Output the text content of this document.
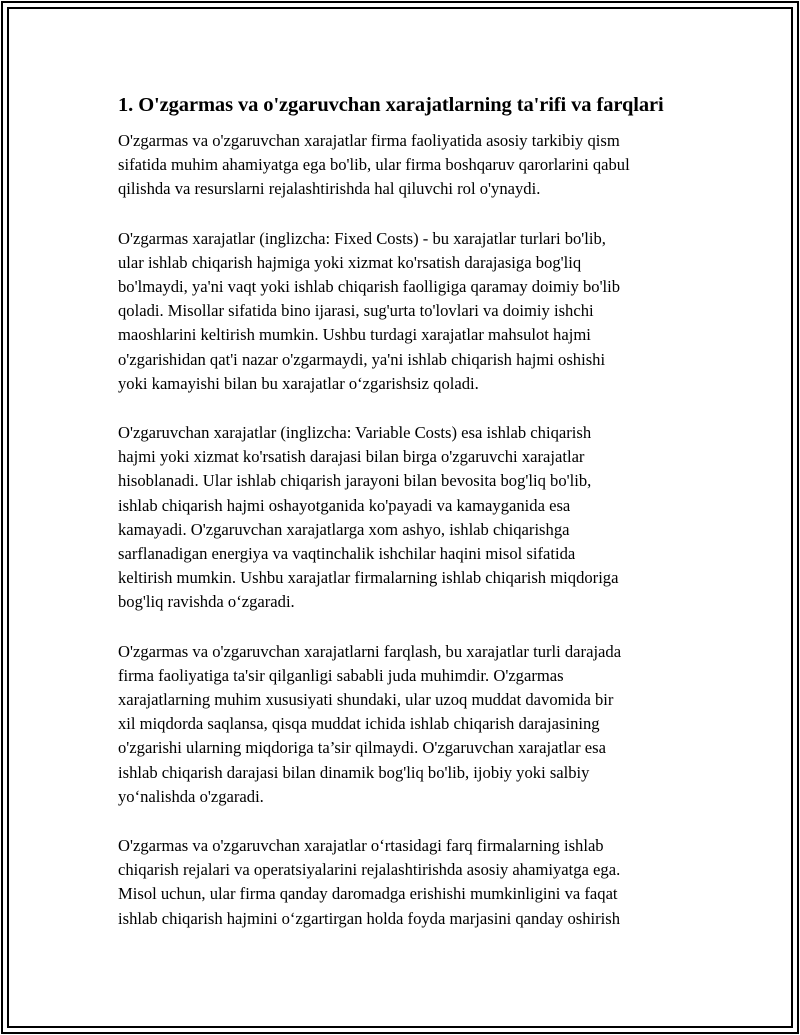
1. O'zgarmas va o'zgaruvchan xarajatlarning ta'rifi va farqlari

O'zgarmas va o'zgaruvchan xarajatlar firma faoliyatida asosiy tarkibiy qism
sifatida muhim ahamiyatga ega bo'lib, ular firma boshqaruv qarorlarini qabul
qilishda va resurslarni rejalashtirishda hal qiluvchi rol o'ynaydi.

O'zgarmas xarajatlar (inglizcha: Fixed Costs) - bu xarajatlar turlari bo'lib,
ular ishlab chiqarish hajmiga yoki xizmat ko'rsatish darajasiga bog'liq
bo'lmaydi, ya'ni vaqt yoki ishlab chiqarish faolligiga qaramay doimiy bo'lib
qoladi. Misollar sifatida bino ijarasi, sug'urta to'lovlari va doimiy ishchi
maoshlarini keltirish mumkin. Ushbu turdagi xarajatlar mahsulot hajmi
o'zgarishidan qat'i nazar o'zgarmaydi, ya'ni ishlab chiqarish hajmi oshishi
yoki kamayishi bilan bu xarajatlar o‘zgarishsiz qoladi.

O'zgaruvchan xarajatlar (inglizcha: Variable Costs) esa ishlab chiqarish
hajmi yoki xizmat ko'rsatish darajasi bilan birga o'zgaruvchi xarajatlar
hisoblanadi. Ular ishlab chiqarish jarayoni bilan bevosita bog'liq bo'lib,
ishlab chiqarish hajmi oshayotganida ko'payadi va kamayganida esa
kamayadi. O'zgaruvchan xarajatlarga xom ashyo, ishlab chiqarishga
sarflanadigan energiya va vaqtinchalik ishchilar haqini misol sifatida
keltirish mumkin. Ushbu xarajatlar firmalarning ishlab chiqarish miqdoriga
bog'liq ravishda o‘zgaradi.

O'zgarmas va o'zgaruvchan xarajatlarni farqlash, bu xarajatlar turli darajada
firma faoliyatiga ta'sir qilganligi sababli juda muhimdir. O'zgarmas
xarajatlarning muhim xususiyati shundaki, ular uzoq muddat davomida bir
xil miqdorda saqlansa, qisqa muddat ichida ishlab chiqarish darajasining
o'zgarishi ularning miqdoriga ta’sir qilmaydi. O'zgaruvchan xarajatlar esa
ishlab chiqarish darajasi bilan dinamik bog'liq bo'lib, ijobiy yoki salbiy
yo‘nalishda o'zgaradi.

O'zgarmas va o'zgaruvchan xarajatlar o‘rtasidagi farq firmalarning ishlab
chiqarish rejalari va operatsiyalarini rejalashtirishda asosiy ahamiyatga ega.
Misol uchun, ular firma qanday daromadga erishishi mumkinligini va faqat
ishlab chiqarish hajmini o‘zgartirgan holda foyda marjasini qanday oshirish
